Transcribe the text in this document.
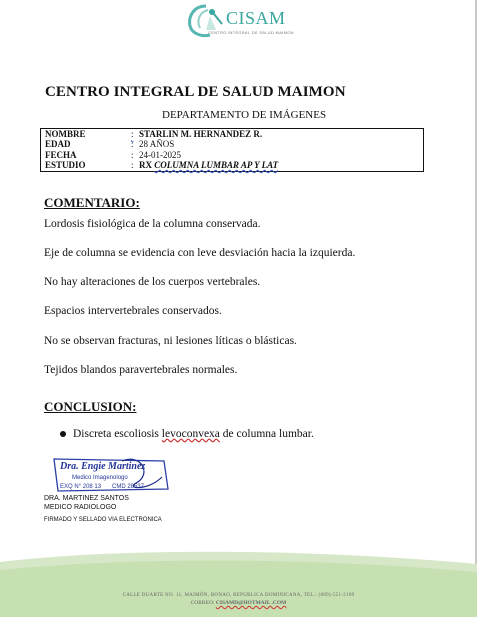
CISAM
CENTRO INTEGRAL DE SALUD MAIMON
CENTRO INTEGRAL DE SALUD MAIMON
DEPARTAMENTO DE IMÁGENES
NOMBRE	: STARLIN M. HERNANDEZ R.
EDAD	: 28 AÑOS
FECHA	: 24-01-2025
ESTUDIO	: RX COLUMNA LUMBAR AP Y LAT
COMENTARIO:
Lordosis fisiológica de la columna conservada.
Eje de columna se evidencia con leve desviación hacia la izquierda.
No hay alteraciones de los cuerpos vertebrales.
Espacios intervertebrales conservados.
No se observan fracturas, ni lesiones líticas o blásticas.
Tejidos blandos paravertebrales normales.
CONCLUSION:
Discreta escoliosis levoconvexa de columna lumbar.
Dra. Engie Martinez
Medico Imagenologo
EXQ N° 208 13 CMD 28537
DRA. MARTINEZ SANTOS
MEDICO RADIOLOGO
FIRMADO Y SELLADO VIA ELECTRONICA
CALLE DUARTE NO. 11, MAIMÓN, BONAO, REPUBLICA DOMINICANA, TEL.: (809)-551-2109
CORREO: CISAMD@HOTMAIL .COM
